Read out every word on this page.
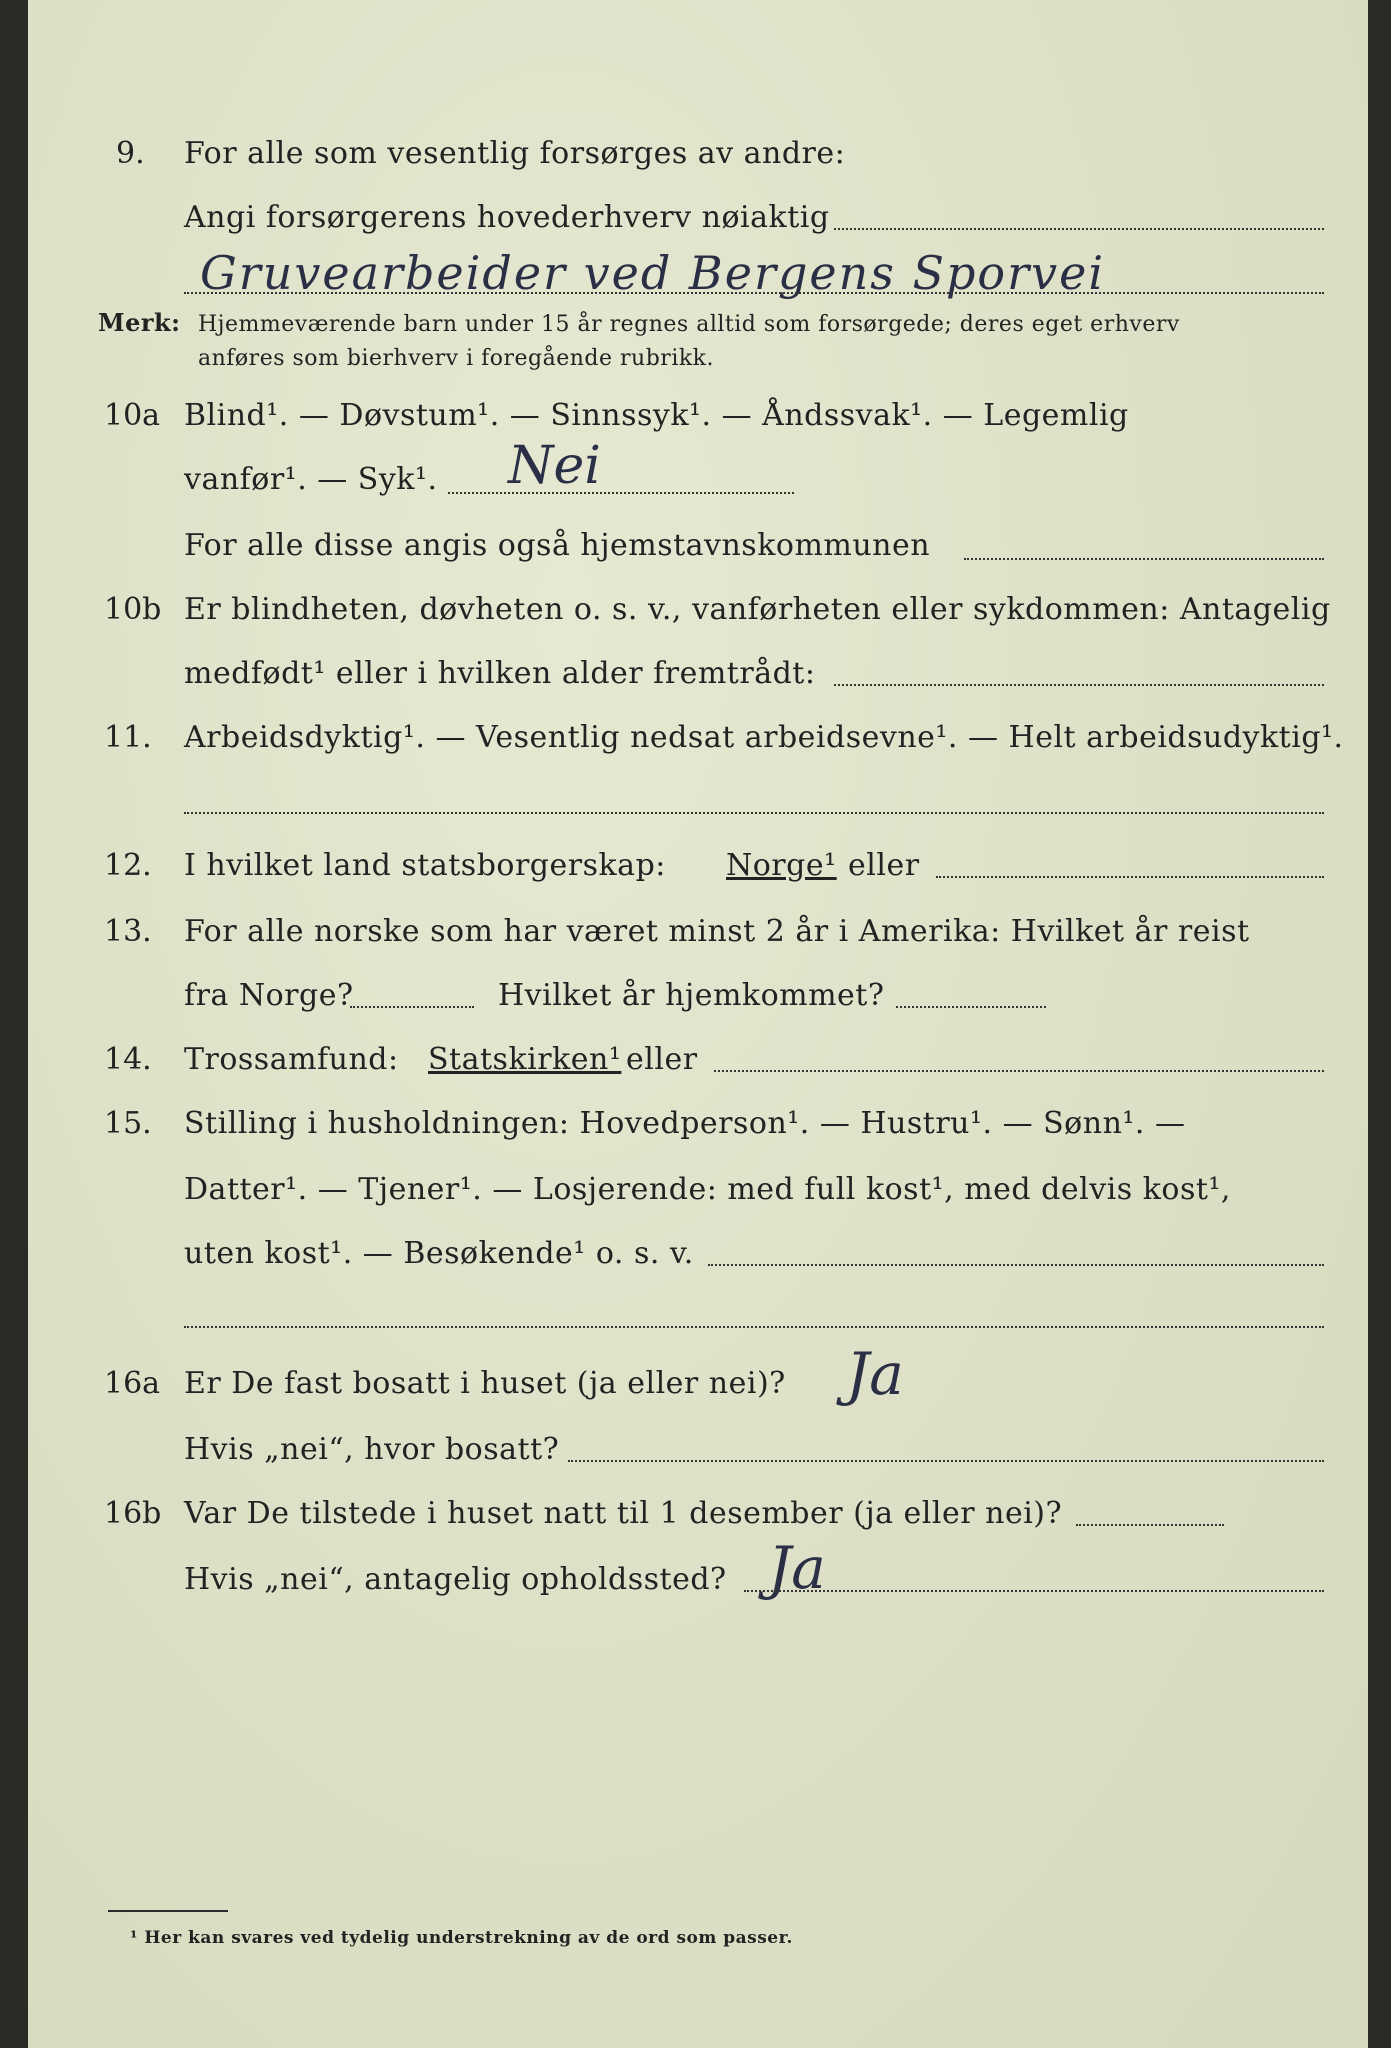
9. For alle som vesentlig forsørges av andre:
Angi forsørgerens hovederhverv nøiaktig
Gruvearbeider ved Bergens Sporvei
Merk: Hjemmeværende barn under 15 år regnes alltid som forsørgede; deres eget erhverv
anføres som bierhverv i foregående rubrikk.
10a Blind¹. — Døvstum¹. — Sinnssyk¹. — Åndssvak¹. — Legemlig
vanfør¹. — Syk¹. Nei
For alle disse angis også hjemstavnskommunen
10b Er blindheten, døvheten o. s. v., vanførheten eller sykdommen: Antagelig
medfødt¹ eller i hvilken alder fremtrådt:
11. Arbeidsdyktig¹. — Vesentlig nedsat arbeidsevne¹. — Helt arbeidsudyktig¹.
12. I hvilket land statsborgerskap: Norge¹ eller
13. For alle norske som har været minst 2 år i Amerika: Hvilket år reist
fra Norge?	Hvilket år hjemkommet?
14. Trossamfund: Statskirken¹ eller
15. Stilling i husholdningen: Hovedperson¹. — Hustru¹. — Sønn¹. —
Datter¹. — Tjener¹. — Losjerende: med full kost¹, med delvis kost¹,
uten kost¹. — Besøkende¹ o. s. v.
16a Er De fast bosatt i huset (ja eller nei)? Ja
Hvis „nei“, hvor bosatt?
16b Var De tilstede i huset natt til 1 desember (ja eller nei)?
Hvis „nei“, antagelig opholdssted? Ja
¹ Her kan svares ved tydelig understrekning av de ord som passer.
